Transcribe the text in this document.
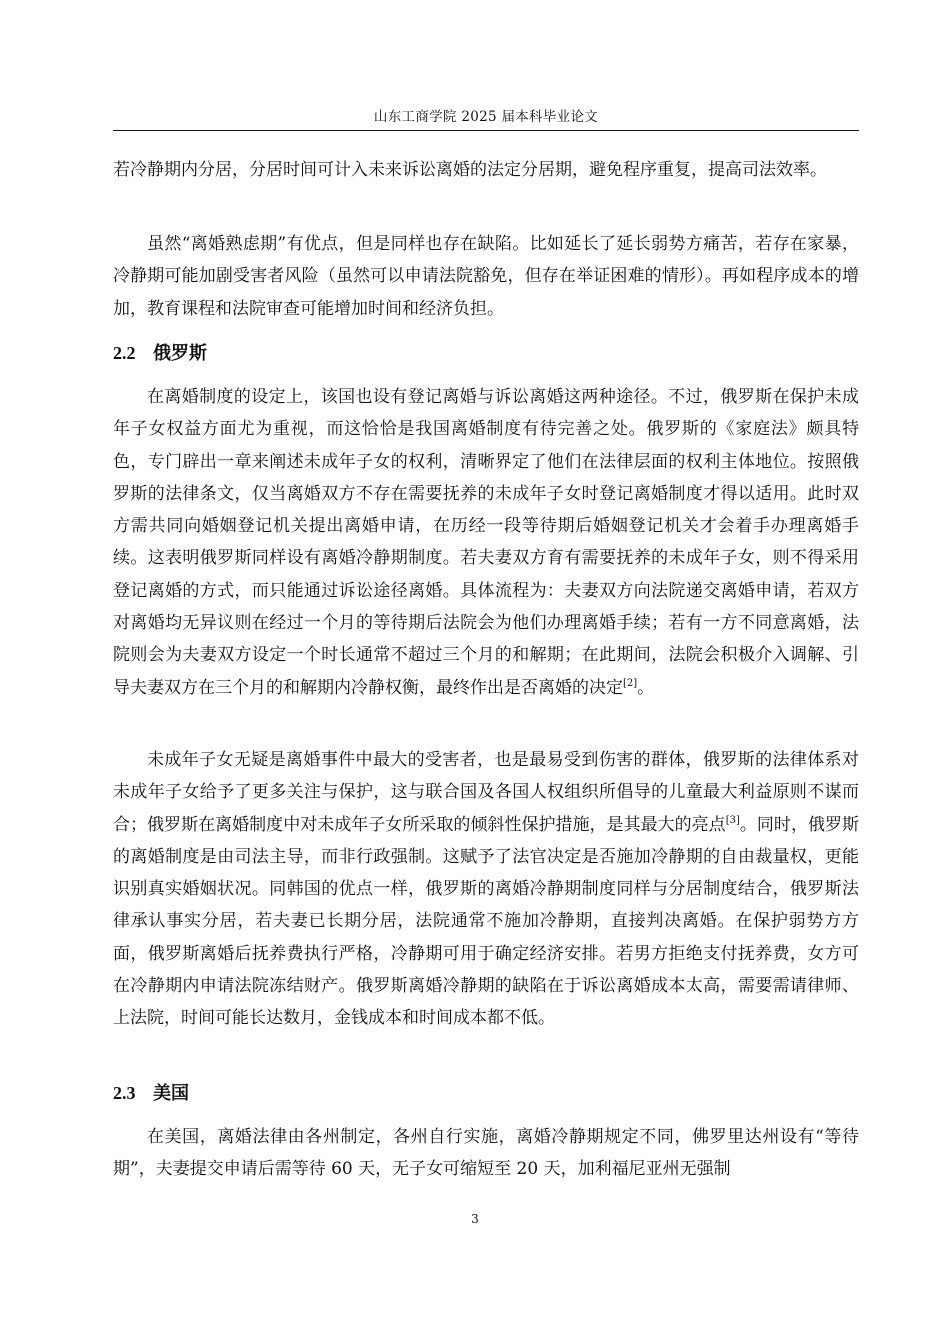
山东工商学院 2025 届本科毕业论文

若冷静期内分居，分居时间可计入未来诉讼离婚的法定分居期，避免程序重复，提高司法效率。

虽然“离婚熟虑期”有优点，但是同样也存在缺陷。比如延长了延长弱势方痛苦，若存在家暴，冷静期可能加剧受害者风险（虽然可以申请法院豁免，但存在举证困难的情形）。再如程序成本的增加，教育课程和法院审查可能增加时间和经济负担。

2.2 俄罗斯

在离婚制度的设定上，该国也设有登记离婚与诉讼离婚这两种途径。不过，俄罗斯在保护未成年子女权益方面尤为重视，而这恰恰是我国离婚制度有待完善之处。俄罗斯的《家庭法》颇具特色，专门辟出一章来阐述未成年子女的权利，清晰界定了他们在法律层面的权利主体地位。按照俄罗斯的法律条文，仅当离婚双方不存在需要抚养的未成年子女时登记离婚制度才得以适用。此时双方需共同向婚姻登记机关提出离婚申请，在历经一段等待期后婚姻登记机关才会着手办理离婚手续。这表明俄罗斯同样设有离婚冷静期制度。若夫妻双方育有需要抚养的未成年子女，则不得采用登记离婚的方式，而只能通过诉讼途径离婚。具体流程为：夫妻双方向法院递交离婚申请，若双方对离婚均无异议则在经过一个月的等待期后法院会为他们办理离婚手续；若有一方不同意离婚，法院则会为夫妻双方设定一个时长通常不超过三个月的和解期；在此期间，法院会积极介入调解、引导夫妻双方在三个月的和解期内冷静权衡，最终作出是否离婚的决定[2]。

未成年子女无疑是离婚事件中最大的受害者，也是最易受到伤害的群体，俄罗斯的法律体系对未成年子女给予了更多关注与保护，这与联合国及各国人权组织所倡导的儿童最大利益原则不谋而合；俄罗斯在离婚制度中对未成年子女所采取的倾斜性保护措施，是其最大的亮点[3]。同时，俄罗斯的离婚制度是由司法主导，而非行政强制。这赋予了法官决定是否施加冷静期的自由裁量权，更能识别真实婚姻状况。同韩国的优点一样，俄罗斯的离婚冷静期制度同样与分居制度结合，俄罗斯法律承认事实分居，若夫妻已长期分居，法院通常不施加冷静期，直接判决离婚。在保护弱势方方面，俄罗斯离婚后抚养费执行严格，冷静期可用于确定经济安排。若男方拒绝支付抚养费，女方可在冷静期内申请法院冻结财产。俄罗斯离婚冷静期的缺陷在于诉讼离婚成本太高，需要需请律师、上法院，时间可能长达数月，金钱成本和时间成本都不低。

2.3 美国

在美国，离婚法律由各州制定，各州自行实施，离婚冷静期规定不同，佛罗里达州设有“等待期”，夫妻提交申请后需等待 60 天，无子女可缩短至 20 天，加利福尼亚州无强制

3
